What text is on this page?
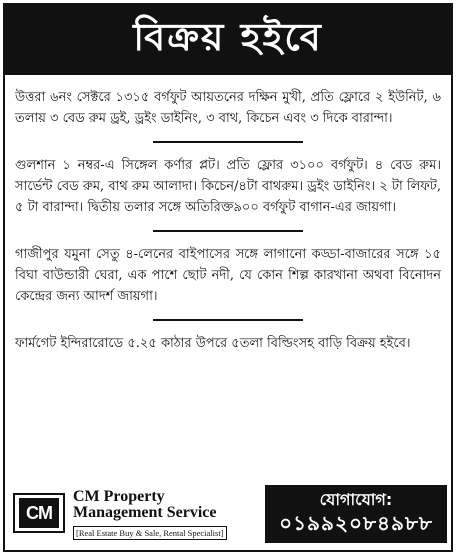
বিক্রয় হইবে

উত্তরা ৬নং সেক্টরে ১৩১৫ বর্গফুট আয়তনের দক্ষিন মুখী, প্রতি ফ্লোরে ২ ইউনিট, ৬ তলায় ৩ বেড রুম ড্রই, ড্রইং ডাইনিং, ৩ বাথ, কিচেন এবং ৩ দিকে বারান্দা।

গুলশান ১ নম্বর-এ সিঙ্গেল কর্ণার প্লট। প্রতি ফ্লোর ৩১০০ বর্গফুট। ৪ বেড রুম। সার্ভেন্ট বেড রুম, বাথ রুম আলাদা। কিচেন/৪টা বাথরুম। ড্রইং ডাইনিং। ২ টা লিফট, ৫ টা বারান্দা। দ্বিতীয় তলার সঙ্গে অতিরিক্ত৯০০ বর্গফুট বাগান-এর জায়গা।

গাজীপুর যমুনা সেতু ৪-লেনের বাইপাসের সঙ্গে লাগানো কড্ডা-বাজারের সঙ্গে ১৫ বিঘা বাউন্ডারী ঘেরা, এক পাশে ছোট নদী, যে কোন শিল্প কারখানা অথবা বিনোদন কেন্দ্রের জন্য আদর্শ জায়গা।

ফার্মগেট ইন্দিরারোডে ৫.২৫ কাঠার উপরে ৫তলা বিল্ডিংসহ বাড়ি বিক্রয় হইবে।

CM
CM Property
Management Service
[Real Estate Buy & Sale, Rental Specialist]
যোগাযোগ:
০১৯৯২০৮৪৯৮৮
